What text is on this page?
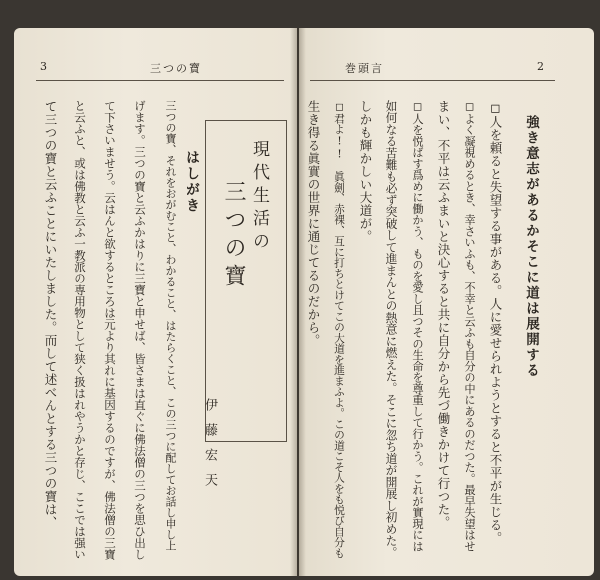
3	三つの寶
三つの寶、それをおがむこと、わかること、はたらくこと、この三つに配してお話し申し上
げます。三つの寶と云ふかはりに三寶と申せば、皆さまは直ぐに佛法僧の三つを思ひ出し
て下さいませう。云はんと欲するところは元より其れに基因するのですが、佛法僧の三寶
と云ふと、或は佛教と云ふ一教派の専用物として狭く扱はれやうかと存じ、ここでは强い
て三つの寶と云ふことにいたしました。而して述べんとする三つの寶は、	現代生活の
三つの寶
伊藤宏天
はしがき
巻頭言	2
強き意志があるかそこに道は展開する
◻人を頼ると失望する事がある。人に愛せられようとすると不平が生じる。
◻よく凝視めるとき、幸さいふも、不幸と云ふも自分の中にあるのだつた。最早失望はせ
まい、不平は云ふまいと決心すると共に自分から先づ働きかけて行つた。
◻人を悦ばす爲めに働かう、ものを愛し且つその生命を尊重して行かう。これが實現には
如何なる苦難も必ず突破して進まんとの熱意に燃えた。そこに忽ち道が開展し初めた。
しかも輝かしい大道が。
◻君よ!!　眞劍、赤裸、互に打ちとけてこの大道を進まふよ。この道こそ人をも悦び自分も
生き得る眞實の世界に通じてるのだから。
